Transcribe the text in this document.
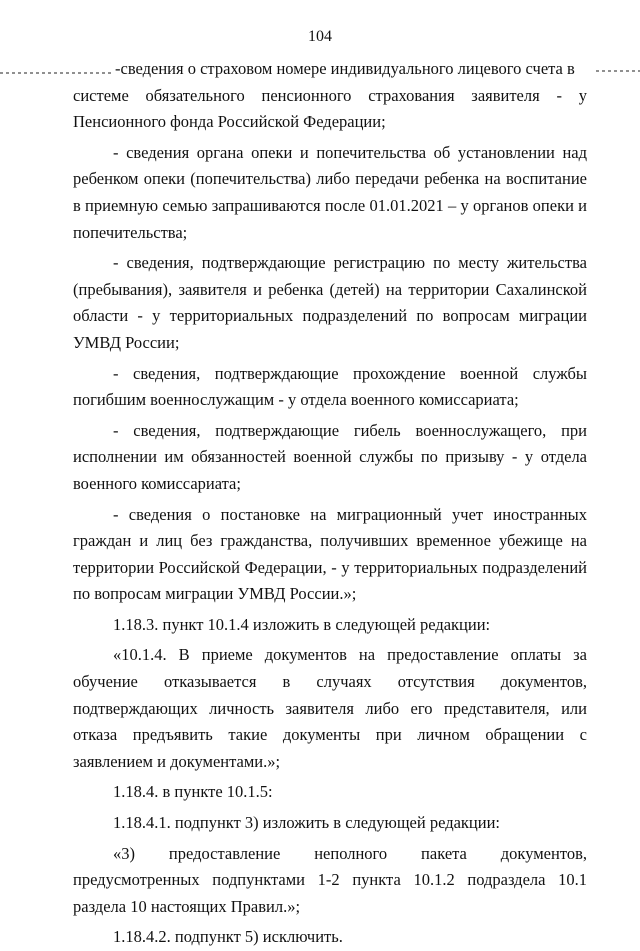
104

-сведения о страховом номере индивидуального лицевого счета в

системе обязательного пенсионного страхования заявителя - у Пенсионного фонда Российской Федерации;

- сведения органа опеки и попечительства об установлении над ребенком опеки (попечительства) либо передачи ребенка на воспитание в приемную семью запрашиваются после 01.01.2021 – у органов опеки и попечительства;

- сведения, подтверждающие регистрацию по месту жительства (пребывания), заявителя и ребенка (детей) на территории Сахалинской области - у территориальных подразделений по вопросам миграции УМВД России;

- сведения, подтверждающие прохождение военной службы погибшим военнослужащим - у отдела военного комиссариата;

- сведения, подтверждающие гибель военнослужащего, при исполнении им обязанностей военной службы по призыву - у отдела военного комиссариата;

- сведения о постановке на миграционный учет иностранных граждан и лиц без гражданства, получивших временное убежище на территории Российской Федерации, - у территориальных подразделений по вопросам миграции УМВД России.»;

1.18.3. пункт 10.1.4 изложить в следующей редакции:

«10.1.4. В приеме документов на предоставление оплаты за обучение отказывается в случаях отсутствия документов, подтверждающих личность заявителя либо его представителя, или отказа предъявить такие документы при личном обращении с заявлением и документами.»;

1.18.4. в пункте 10.1.5:

1.18.4.1. подпункт 3) изложить в следующей редакции:

«3) предоставление неполного пакета документов, предусмотренных подпунктами 1-2 пункта 10.1.2 подраздела 10.1 раздела 10 настоящих Правил.»;

1.18.4.2. подпункт 5) исключить.
